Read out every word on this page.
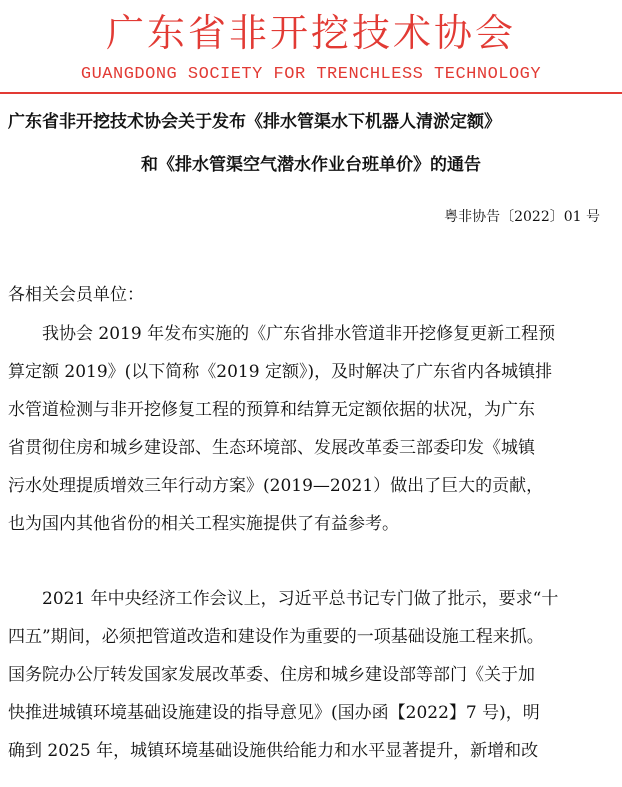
广东省非开挖技术协会
GUANGDONG SOCIETY FOR TRENCHLESS TECHNOLOGY
广东省非开挖技术协会关于发布《排水管渠水下机器人清淤定额》
和《排水管渠空气潜水作业台班单价》的通告
粤非协告〔2022〕01 号
各相关会员单位：
　　我协会 2019 年发布实施的《广东省排水管道非开挖修复更新工程预
算定额 2019》(以下简称《2019 定额》)，及时解决了广东省内各城镇排
水管道检测与非开挖修复工程的预算和结算无定额依据的状况，为广东
省贯彻住房和城乡建设部、生态环境部、发展改革委三部委印发《城镇
污水处理提质增效三年行动方案》(2019—2021）做出了巨大的贡献，
也为国内其他省份的相关工程实施提供了有益参考。
　　2021 年中央经济工作会议上，习近平总书记专门做了批示，要求“十
四五”期间，必须把管道改造和建设作为重要的一项基础设施工程来抓。
国务院办公厅转发国家发展改革委、住房和城乡建设部等部门《关于加
快推进城镇环境基础设施建设的指导意见》(国办函【2022】7 号)，明
确到 2025 年，城镇环境基础设施供给能力和水平显著提升，新增和改
